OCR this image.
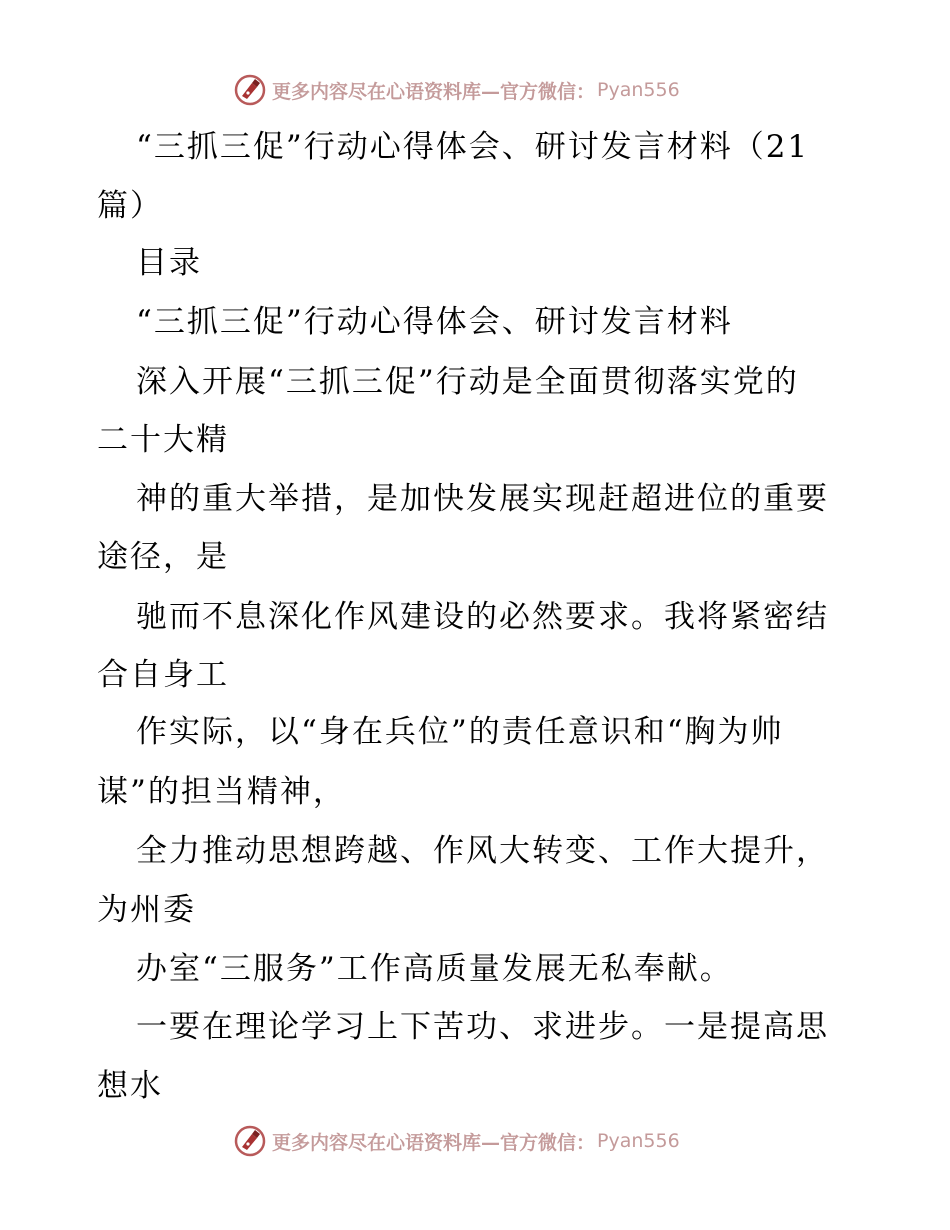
更多内容尽在心语资料库—官方微信： Pyan556
“三抓三促”行动心得体会、研讨发言材料（21
篇）
目录
“三抓三促”行动心得体会、研讨发言材料
深入开展“三抓三促”行动是全面贯彻落实党的
二十大精
神的重大举措，是加快发展实现赶超进位的重要
途径，是
驰而不息深化作风建设的必然要求。我将紧密结
合自身工
作实际，以“身在兵位”的责任意识和“胸为帅
谋”的担当精神，
全力推动思想跨越、作风大转变、工作大提升，
为州委
办室“三服务”工作高质量发展无私奉献。
一要在理论学习上下苦功、求进步。一是提高思
想水
更多内容尽在心语资料库—官方微信： Pyan556
